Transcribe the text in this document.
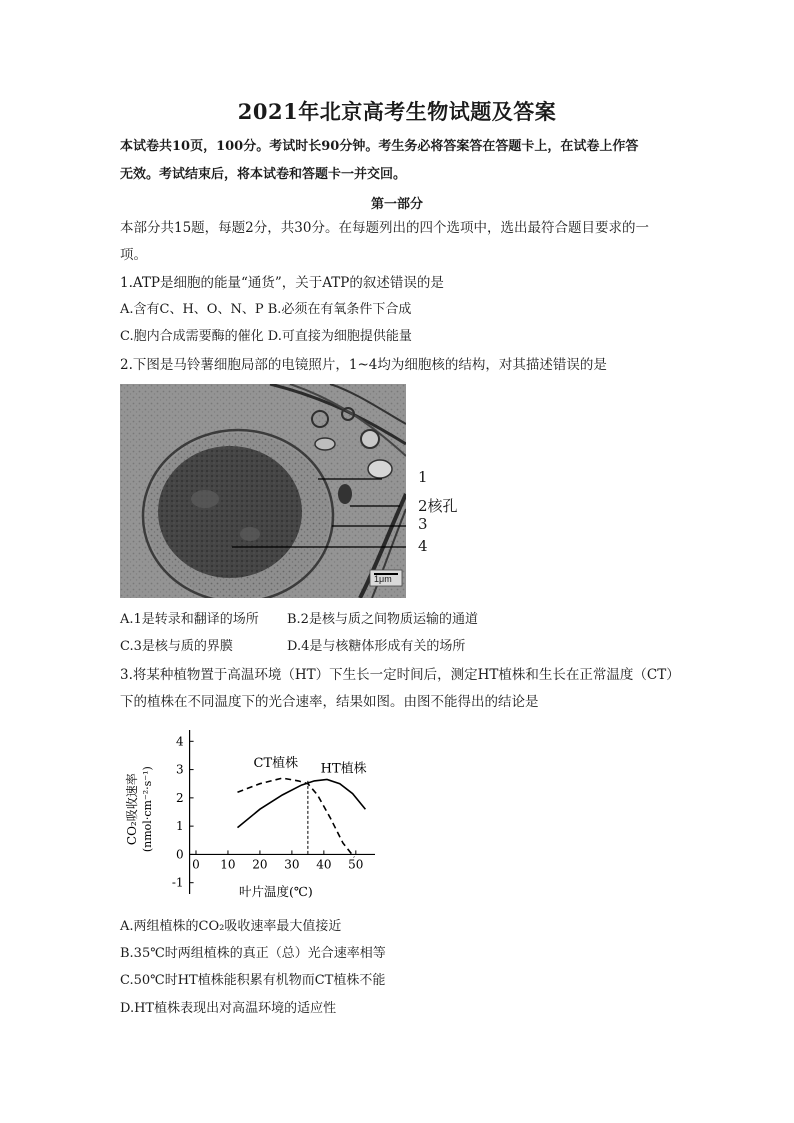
2021年北京高考生物试题及答案
本试卷共10页，100分。考试时长90分钟。考生务必将答案答在答题卡上，在试卷上作答
无效。考试结束后，将本试卷和答题卡一并交回。
第一部分
本部分共15题，每题2分，共30分。在每题列出的四个选项中，选出最符合题目要求的一
项。
1.ATP是细胞的能量“通货”，关于ATP的叙述错误的是
A.含有C、H、O、N、P B.必须在有氧条件下合成
C.胞内合成需要酶的催化 D.可直接为细胞提供能量
2.下图是马铃薯细胞局部的电镜照片，1~4均为细胞核的结构，对其描述错误的是
1
2核孔
3
4
1μm
A.1是转录和翻译的场所 B.2是核与质之间物质运输的通道
C.3是核与质的界膜	D.4是与核糖体形成有关的场所
3.将某种植物置于高温环境（HT）下生长一定时间后，测定HT植株和生长在正常温度（CT）
下的植株在不同温度下的光合速率，结果如图。由图不能得出的结论是
-1
0
1
2
3
4
0 10 20 30 40 50
CT植株 HT植株
叶片温度(℃)
CO₂吸收速率 (nmol·cm⁻²·s⁻¹)
A.两组植株的CO₂吸收速率最大值接近
B.35℃时两组植株的真正（总）光合速率相等
C.50℃时HT植株能积累有机物而CT植株不能
D.HT植株表现出对高温环境的适应性
